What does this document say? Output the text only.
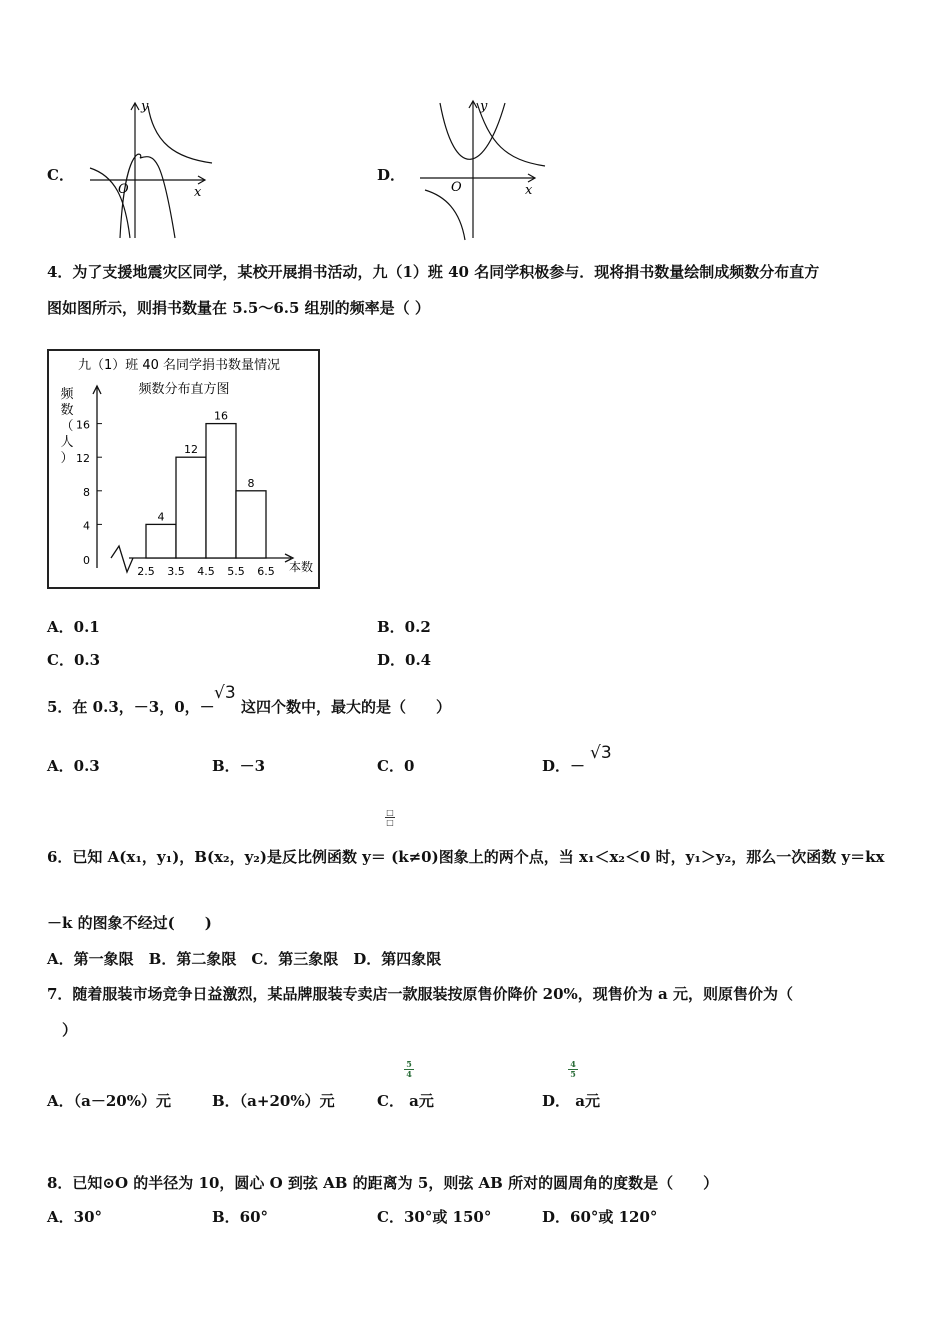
C．
y
x
O
D．
y
x
O
4．为了支援地震灾区同学，某校开展捐书活动，九（1）班 40 名同学积极参与．现将捐书数量绘制成频数分布直方
图如图所示，则捐书数量在 5.5～6.5 组别的频率是（ ）
九（1）班 40 名同学捐书数量情况
频数分布直方图
频
数
（
人
）
0
4
8
12
16
4
12
16
8
2.5 3.5 4.5 5.5 6.5 本数
A．0.1	B．0.2
C．0.3	D．0.4
5．在 0.3，－3，0，－
√3
这四个数中，最大的是（　　）
A．0.3	B．－3	C．0	D．－
√3
□
□
6．已知 A(x₁，y₁)，B(x₂，y₂)是反比例函数 y＝ (k≠0)图象上的两个点，当 x₁＜x₂＜0 时，y₁＞y₂，那么一次函数 y＝kx
－k 的图象不经过(　　)
A．第一象限　B．第二象限　C．第三象限　D．第四象限
7．随着服装市场竞争日益激烈，某品牌服装专卖店一款服装按原售价降价 20%，现售价为 a 元，则原售价为（
）
A．（a－20%）元	B．（a+20%）元
$\frac{5}{4}$
C． a元
$\frac{4}{5}$
D． a元
8．已知⊙O 的半径为 10，圆心 O 到弦 AB 的距离为 5，则弦 AB 所对的圆周角的度数是（　　）
A．30°	B．60°	C．30°或 150°	D．60°或 120°
